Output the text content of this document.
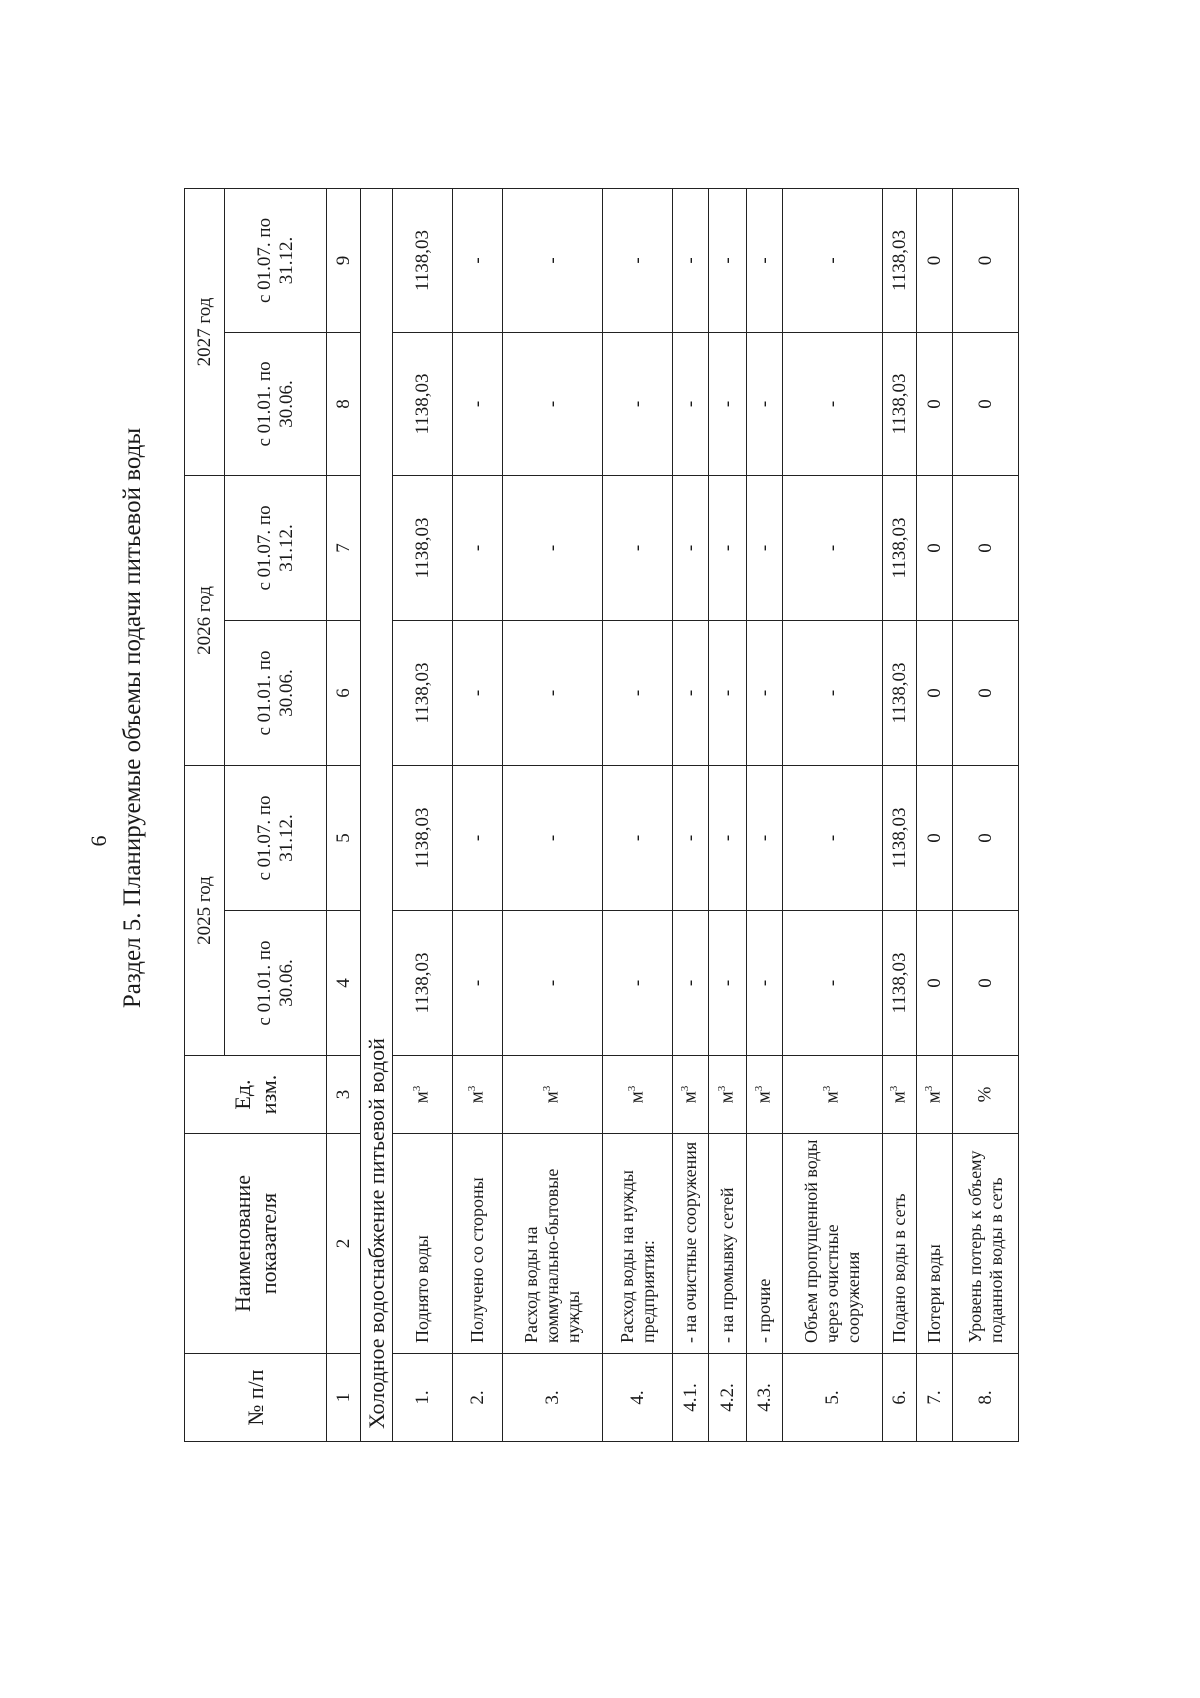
6 Раздел 5. Планируемые объемы подачи питьевой воды
№ п/п	Наименование показателя	Ед. изм.	2025 год		2026 год		2027 год	
			с 01.01. по 30.06.	с 01.07. по 31.12.	с 01.01. по 30.06.	с 01.07. по 31.12.	с 01.01. по 30.06.	с 01.07. по 31.12.
1	2	3	4	5	6	7	8	9
Холодное водоснабжение питьевой водой								
1.	Поднято воды	$м^3$	1138,03	1138,03	1138,03	1138,03	1138,03	1138,03
2.	Получено со стороны	$м^3$	-	-	-	-	-	-
3.	Расход воды на коммунально-бытовые нужды	$м^3$	-	-	-	-	-	-
4.	Расход воды на нужды предприятия:	$м^3$	-	-	-	-	-	-
4.1.	- на очистные сооружения	$м^3$	-	-	-	-	-	-
4.2.	- на промывку сетей	$м^3$	-	-	-	-	-	-
4.3.	- прочие	$м^3$	-	-	-	-	-	-
5.	Объем пропущенной воды через очистные сооружения	$м^3$	-	-	-	-	-	-
6.	Подано воды в сеть	$м^3$	1138,03	1138,03	1138,03	1138,03	1138,03	1138,03
7.	Потери воды	$м^3$	0	0	0	0	0	0
8.	Уровень потерь к объему поданной воды в сеть	%	0	0	0	0	0	0
